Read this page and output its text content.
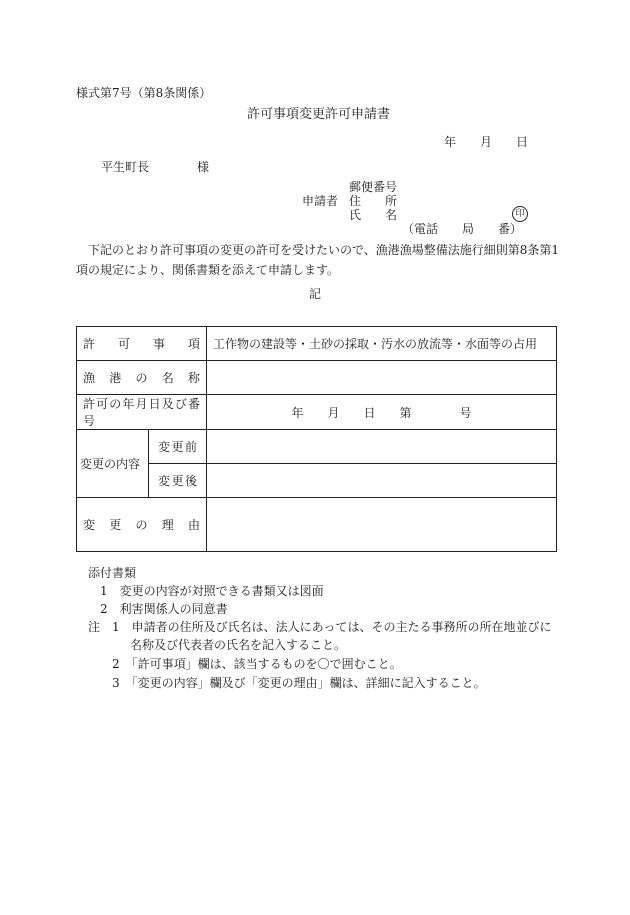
様式第7号（第8条関係）
許可事項変更許可申請書
年　　月　　日
平生町長	様
郵便番号
申請者 住　　所
氏　　名	印
（電話　　局　　番）
下記のとおり許可事項の変更の許可を受けたいので、漁港漁場整備法施行細則第8条第1
項の規定により、関係書類を添えて申請します。
記
許可事項		工作物の建設等・土砂の採取・汚水の放流等・水面等の占用

漁港の名称		

許可の年月日及び番号		年　　月　　日　　第　　　　号
変更の内容	変更前	

	変更後	

変更の理由		

添付書類
1　変更の内容が対照できる書類又は図面
2　利害関係人の同意書
注 1　申請者の住所及び氏名は、法人にあっては、その主たる事務所の所在地並びに
名称及び代表者の氏名を記入すること。
2　「許可事項」欄は、該当するものを〇で囲むこと。
3　「変更の内容」欄及び「変更の理由」欄は、詳細に記入すること。
